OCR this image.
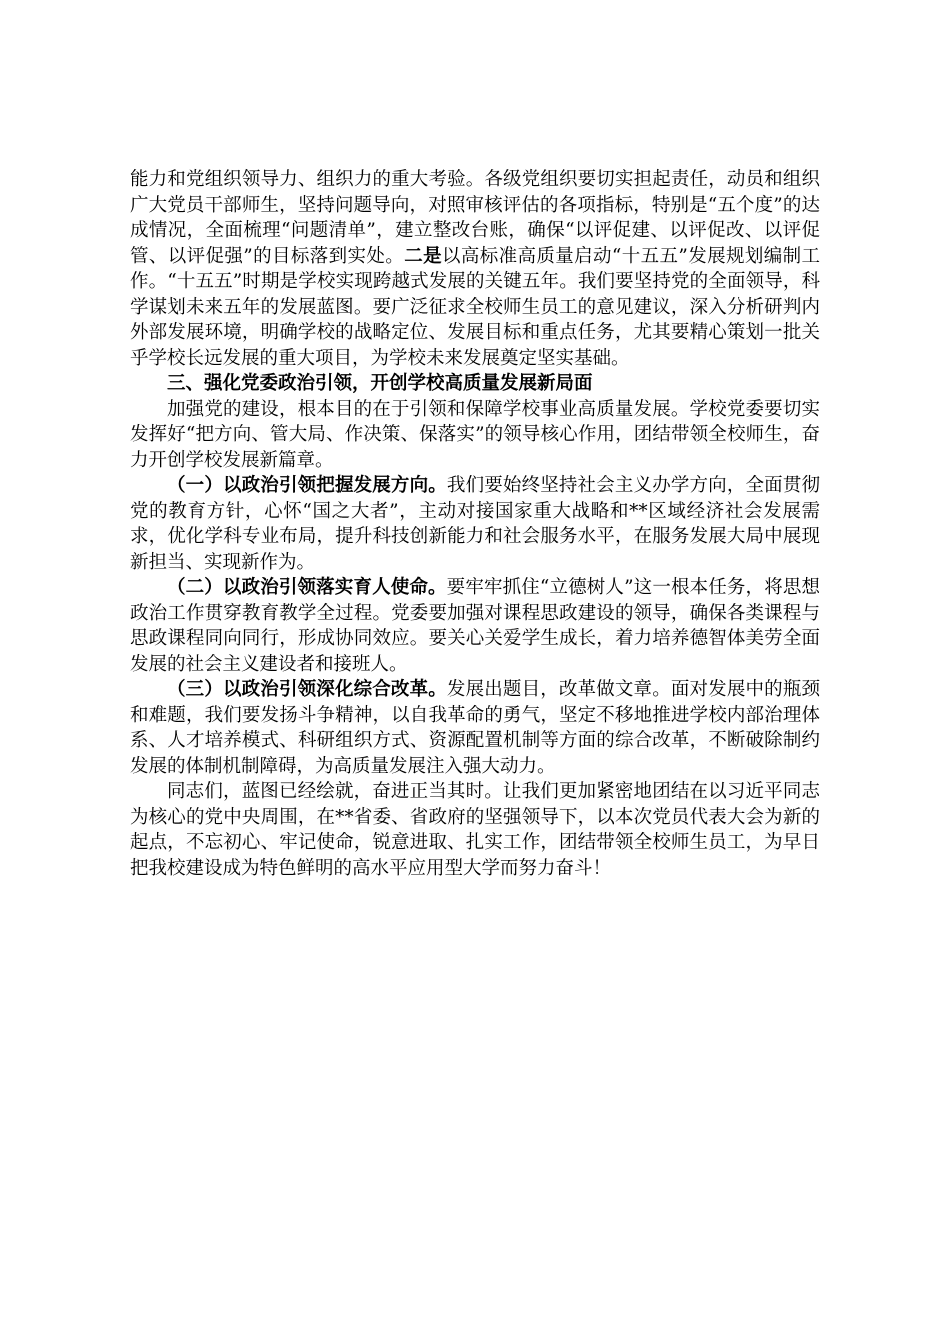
能力和党组织领导力、组织力的重大考验。各级党组织要切实担起责任，动员和组织广大党员干部师生，坚持问题导向，对照审核评估的各项指标，特别是“五个度”的达成情况，全面梳理“问题清单”，建立整改台账，确保“以评促建、以评促改、以评促管、以评促强”的目标落到实处。二是以高标准高质量启动“十五五”发展规划编制工作。“十五五”时期是学校实现跨越式发展的关键五年。我们要坚持党的全面领导，科学谋划未来五年的发展蓝图。要广泛征求全校师生员工的意见建议，深入分析研判内外部发展环境，明确学校的战略定位、发展目标和重点任务，尤其要精心策划一批关乎学校长远发展的重大项目，为学校未来发展奠定坚实基础。

三、强化党委政治引领，开创学校高质量发展新局面

加强党的建设，根本目的在于引领和保障学校事业高质量发展。学校党委要切实发挥好“把方向、管大局、作决策、保落实”的领导核心作用，团结带领全校师生，奋力开创学校发展新篇章。

（一）以政治引领把握发展方向。我们要始终坚持社会主义办学方向，全面贯彻党的教育方针，心怀“国之大者”，主动对接国家重大战略和**区域经济社会发展需求，优化学科专业布局，提升科技创新能力和社会服务水平，在服务发展大局中展现新担当、实现新作为。

（二）以政治引领落实育人使命。要牢牢抓住“立德树人”这一根本任务，将思想政治工作贯穿教育教学全过程。党委要加强对课程思政建设的领导，确保各类课程与思政课程同向同行，形成协同效应。要关心关爱学生成长，着力培养德智体美劳全面发展的社会主义建设者和接班人。

（三）以政治引领深化综合改革。发展出题目，改革做文章。面对发展中的瓶颈和难题，我们要发扬斗争精神，以自我革命的勇气，坚定不移地推进学校内部治理体系、人才培养模式、科研组织方式、资源配置机制等方面的综合改革，不断破除制约发展的体制机制障碍，为高质量发展注入强大动力。

同志们，蓝图已经绘就，奋进正当其时。让我们更加紧密地团结在以习近平同志为核心的党中央周围，在**省委、省政府的坚强领导下，以本次党员代表大会为新的起点，不忘初心、牢记使命，锐意进取、扎实工作，团结带领全校师生员工，为早日把我校建设成为特色鲜明的高水平应用型大学而努力奋斗！
